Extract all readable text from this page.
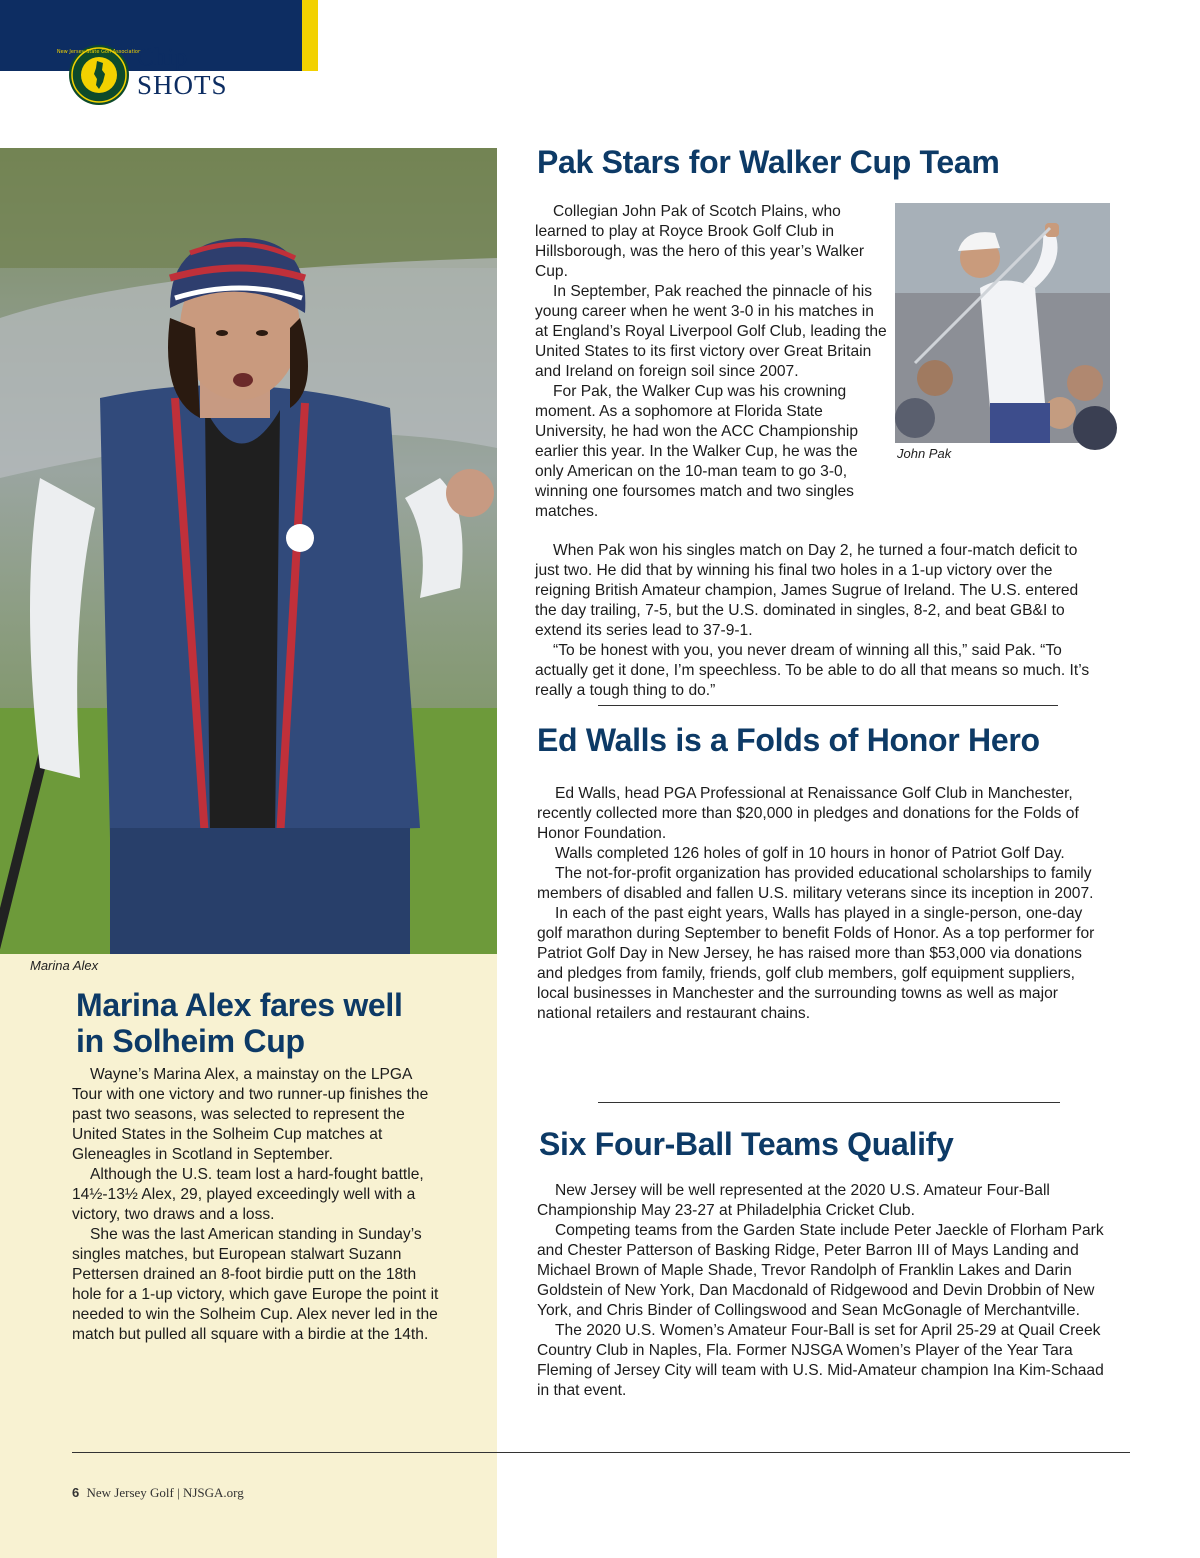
New Jersey State Golf Association
Chip
SHOTS
Marina Alex
John Pak
Pak Stars for Walker Cup Team

Collegian John Pak of Scotch Plains, who learned to play at Royce Brook Golf Club in Hillsborough, was the hero of this year’s Walker Cup.

In September, Pak reached the pinnacle of his young career when he went 3-0 in his matches in at England’s Royal Liverpool Golf Club, leading the United States to its first victory over Great Britain and Ireland on foreign soil since 2007.

For Pak, the Walker Cup was his crowning moment. As a sophomore at Florida State University, he had won the ACC Championship earlier this year. In the Walker Cup, he was the only American on the 10-man team to go 3-0, winning one foursomes match and two singles matches.

When Pak won his singles match on Day 2, he turned a four-match deficit to just two. He did that by winning his final two holes in a 1-up victory over the reigning British Amateur champion, James Sugrue of Ireland. The U.S. entered the day trailing, 7-5, but the U.S. dominated in singles, 8-2, and beat GB&I to extend its series lead to 37-9-1.

“To be honest with you, you never dream of winning all this,” said Pak. “To actually get it done, I’m speechless. To be able to do all that means so much. It’s really a tough thing to do.”

Ed Walls is a Folds of Honor Hero

Ed Walls, head PGA Professional at Renaissance Golf Club in Manchester, recently collected more than $20,000 in pledges and donations for the Folds of Honor Foundation.

Walls completed 126 holes of golf in 10 hours in honor of Patriot Golf Day.

The not-for-profit organization has provided educational scholarships to family members of disabled and fallen U.S. military veterans since its inception in 2007.

In each of the past eight years, Walls has played in a single-person, one-day golf marathon during September to benefit Folds of Honor. As a top performer for Patriot Golf Day in New Jersey, he has raised more than $53,000 via donations and pledges from family, friends, golf club members, golf equipment suppliers, local businesses in Manchester and the surrounding towns as well as major national retailers and restaurant chains.

Six Four-Ball Teams Qualify

New Jersey will be well represented at the 2020 U.S. Amateur Four-Ball Championship May 23-27 at Philadelphia Cricket Club.

Competing teams from the Garden State include Peter Jaeckle of Florham Park and Chester Patterson of Basking Ridge, Peter Barron III of Mays Landing and Michael Brown of Maple Shade, Trevor Randolph of Franklin Lakes and Darin Goldstein of New York, Dan Macdonald of Ridgewood and Devin Drobbin of New York, and Chris Binder of Collingswood and Sean McGonagle of Merchantville.

The 2020 U.S. Women’s Amateur Four-Ball is set for April 25-29 at Quail Creek Country Club in Naples, Fla. Former NJSGA Women’s Player of the Year Tara Fleming of Jersey City will team with U.S. Mid-Amateur champion Ina Kim-Schaad in that event.

Marina Alex fares well
in Solheim Cup

Wayne’s Marina Alex, a mainstay on the LPGA Tour with one victory and two runner-up finishes the past two seasons, was selected to represent the United States in the Solheim Cup matches at Gleneagles in Scotland in September.

Although the U.S. team lost a hard-fought battle, 14½-13½ Alex, 29, played exceedingly well with a victory, two draws and a loss.

She was the last American standing in Sunday’s singles matches, but European stalwart Suzann Pettersen drained an 8-foot birdie putt on the 18th hole for a 1-up victory, which gave Europe the point it needed to win the Solheim Cup. Alex never led in the match but pulled all square with a birdie at the 14th.

6 New Jersey Golf | NJSGA.org
